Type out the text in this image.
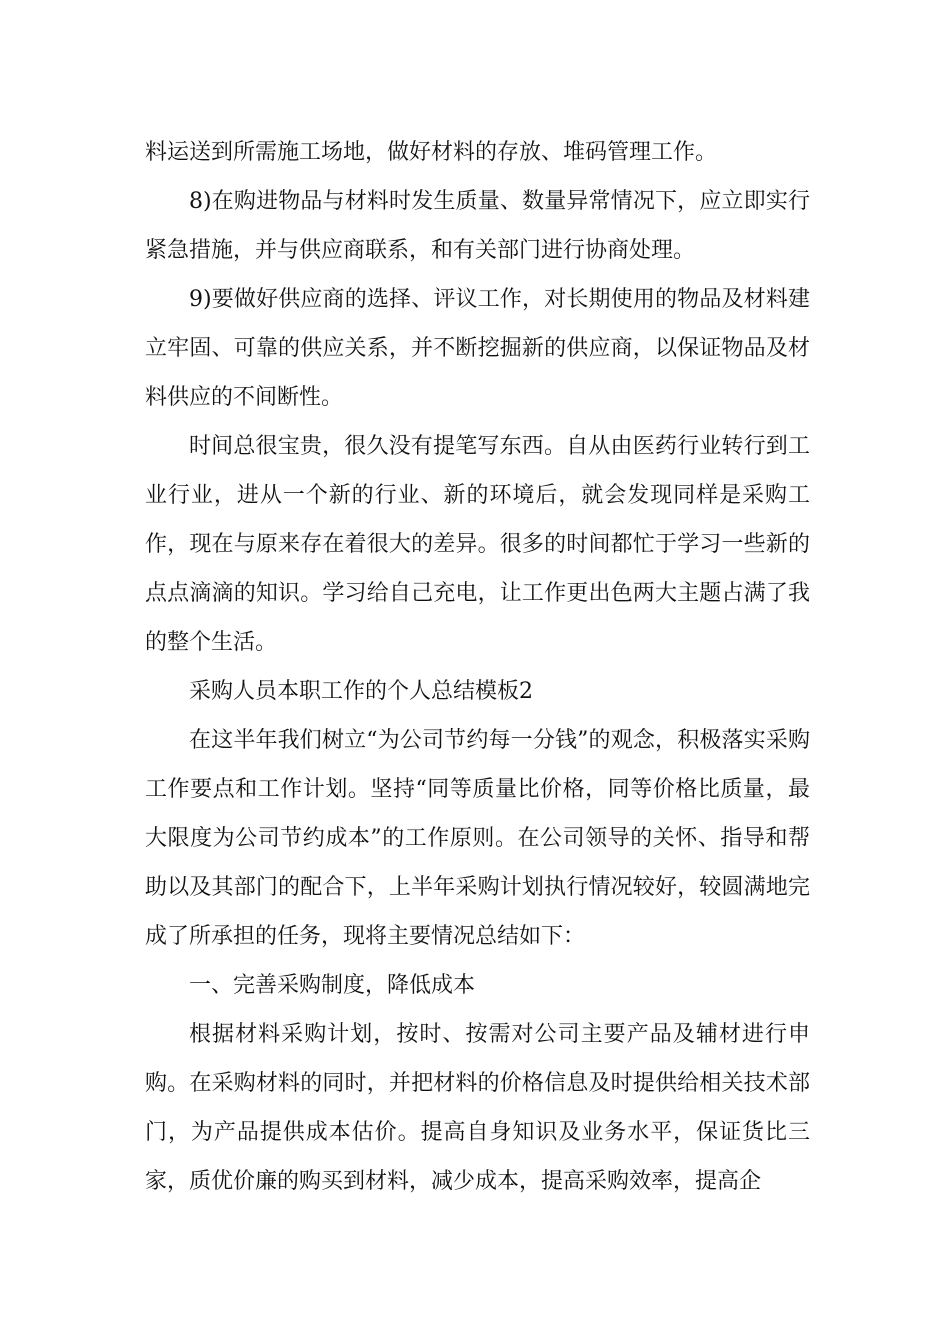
料运送到所需施工场地，做好材料的存放、堆码管理工作。

8)在购进物品与材料时发生质量、数量异常情况下，应立即实行紧急措施，并与供应商联系，和有关部门进行协商处理。

9)要做好供应商的选择、评议工作，对长期使用的物品及材料建立牢固、可靠的供应关系，并不断挖掘新的供应商，以保证物品及材料供应的不间断性。

时间总很宝贵，很久没有提笔写东西。自从由医药行业转行到工业行业，进从一个新的行业、新的环境后，就会发现同样是采购工作，现在与原来存在着很大的差异。很多的时间都忙于学习一些新的点点滴滴的知识。学习给自己充电，让工作更出色两大主题占满了我的整个生活。

采购人员本职工作的个人总结模板2

在这半年我们树立“为公司节约每一分钱”的观念，积极落实采购工作要点和工作计划。坚持“同等质量比价格，同等价格比质量，最大限度为公司节约成本”的工作原则。在公司领导的关怀、指导和帮助以及其部门的配合下，上半年采购计划执行情况较好，较圆满地完成了所承担的任务，现将主要情况总结如下：

一、完善采购制度，降低成本

根据材料采购计划，按时、按需对公司主要产品及辅材进行申购。在采购材料的同时，并把材料的价格信息及时提供给相关技术部门，为产品提供成本估价。提高自身知识及业务水平，保证货比三家，质优价廉的购买到材料，减少成本，提高采购效率，提高企
